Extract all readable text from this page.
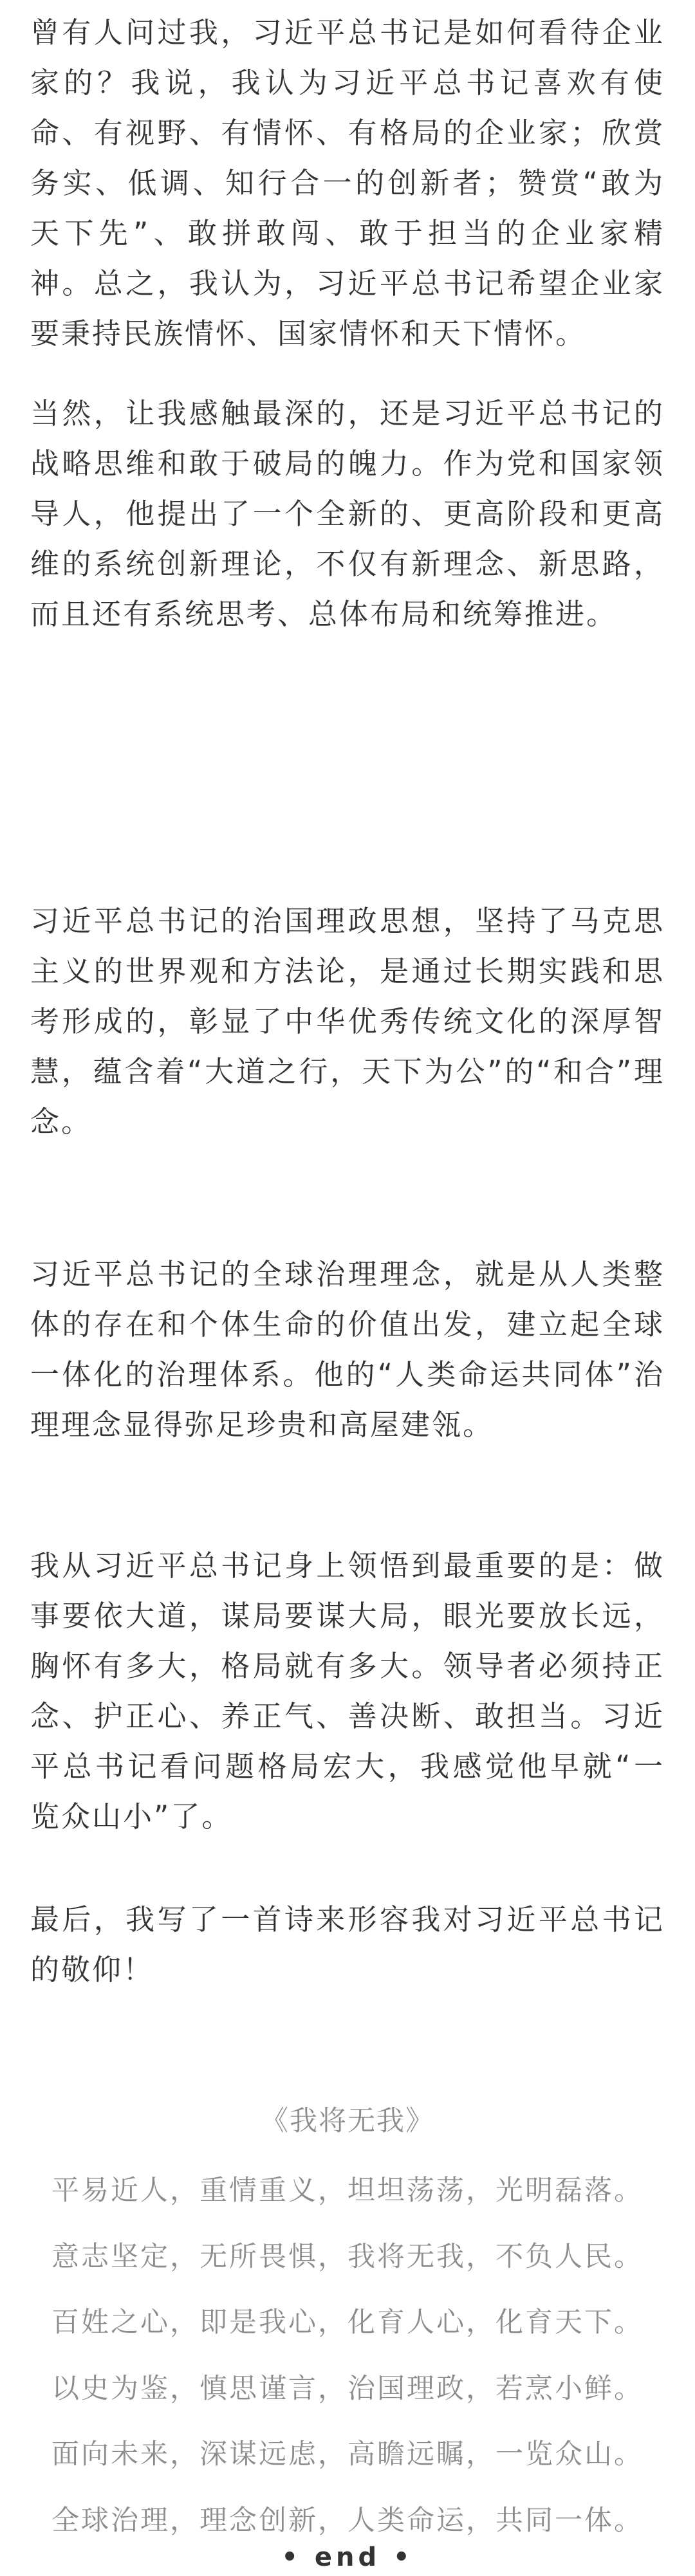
曾有人问过我，习近平总书记是如何看待企业家的？我说，我认为习近平总书记喜欢有使命、有视野、有情怀、有格局的企业家；欣赏务实、低调、知行合一的创新者；赞赏“敢为天下先”、敢拼敢闯、敢于担当的企业家精神。总之，我认为，习近平总书记希望企业家要秉持民族情怀、国家情怀和天下情怀。

当然，让我感触最深的，还是习近平总书记的战略思维和敢于破局的魄力。作为党和国家领导人，他提出了一个全新的、更高阶段和更高维的系统创新理论，不仅有新理念、新思路，而且还有系统思考、总体布局和统筹推进。

习近平总书记的治国理政思想，坚持了马克思主义的世界观和方法论，是通过长期实践和思考形成的，彰显了中华优秀传统文化的深厚智慧，蕴含着“大道之行，天下为公”的“和合”理念。

习近平总书记的全球治理理念，就是从人类整体的存在和个体生命的价值出发，建立起全球一体化的治理体系。他的“人类命运共同体”治理理念显得弥足珍贵和高屋建瓴。

我从习近平总书记身上领悟到最重要的是：做事要依大道，谋局要谋大局，眼光要放长远，胸怀有多大，格局就有多大。领导者必须持正念、护正心、养正气、善决断、敢担当。习近平总书记看问题格局宏大，我感觉他早就“一览众山小”了。

最后，我写了一首诗来形容我对习近平总书记的敬仰！

《我将无我》

平易近人，重情重义，坦坦荡荡，光明磊落。

意志坚定，无所畏惧，我将无我，不负人民。

百姓之心，即是我心，化育人心，化育天下。

以史为鉴，慎思谨言，治国理政，若烹小鲜。

面向未来，深谋远虑，高瞻远瞩，一览众山。

全球治理，理念创新，人类命运，共同一体。

• end •
